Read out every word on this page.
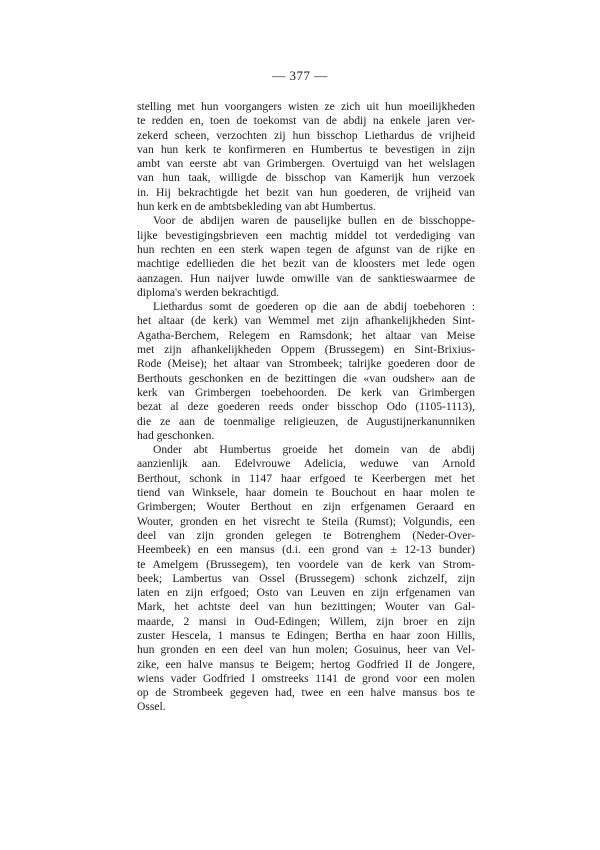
— 377 —
stelling met hun voorgangers wisten ze zich uit hun moeilijkheden
te redden en, toen de toekomst van de abdij na enkele jaren ver-
zekerd scheen, verzochten zij hun bisschop Liethardus de vrijheid
van hun kerk te konfirmeren en Humbertus te bevestigen in zijn
ambt van eerste abt van Grimbergen. Overtuigd van het welslagen
van hun taak, willigde de bisschop van Kamerijk hun verzoek
in. Hij bekrachtigde het bezit van hun goederen, de vrijheid van
hun kerk en de ambtsbekleding van abt Humbertus.
Voor de abdijen waren de pauselijke bullen en de bisschoppe-
lijke bevestigingsbrieven een machtig middel tot verdediging van
hun rechten en een sterk wapen tegen de afgunst van de rijke en
machtige edellieden die het bezit van de kloosters met lede ogen
aanzagen. Hun naijver luwde omwille van de sanktieswaarmee de
diploma's werden bekrachtigd.
Liethardus somt de goederen op die aan de abdij toebehoren :
het altaar (de kerk) van Wemmel met zijn afhankelijkheden Sint-
Agatha-Berchem, Relegem en Ramsdonk; het altaar van Meise
met zijn afhankelijkheden Oppem (Brussegem) en Sint-Brixius-
Rode (Meise); het altaar van Strombeek; talrijke goederen door de
Berthouts geschonken en de bezittingen die «van oudsher» aan de
kerk van Grimbergen toebehoorden. De kerk van Grimbergen
bezat al deze goederen reeds onder bisschop Odo (1105-1113),
die ze aan de toenmalige religieuzen, de Augustijnerkanunniken
had geschonken.
Onder abt Humbertus groeide het domein van de abdij
aanzienlijk aan. Edelvrouwe Adelicia, weduwe van Arnold
Berthout, schonk in 1147 haar erfgoed te Keerbergen met het
tiend van Winksele, haar domein te Bouchout en haar molen te
Grimbergen; Wouter Berthout en zijn erfgenamen Geraard en
Wouter, gronden en het visrecht te Steila (Rumst); Volgundis, een
deel van zijn gronden gelegen te Botrenghem (Neder-Over-
Heembeek) en een mansus (d.i. een grond van ± 12-13 bunder)
te Amelgem (Brussegem), ten voordele van de kerk van Strom-
beek; Lambertus van Ossel (Brussegem) schonk zichzelf, zijn
laten en zijn erfgoed; Osto van Leuven en zijn erfgenamen van
Mark, het achtste deel van hun bezittingen; Wouter van Gal-
maarde, 2 mansi in Oud-Edingen; Willem, zijn broer en zijn
zuster Hescela, 1 mansus te Edingen; Bertha en haar zoon Hillis,
hun gronden en een deel van hun molen; Gosuinus, heer van Vel-
zike, een halve mansus te Beigem; hertog Godfried II de Jongere,
wiens vader Godfried I omstreeks 1141 de grond voor een molen
op de Strombeek gegeven had, twee en een halve mansus bos te
Ossel.
